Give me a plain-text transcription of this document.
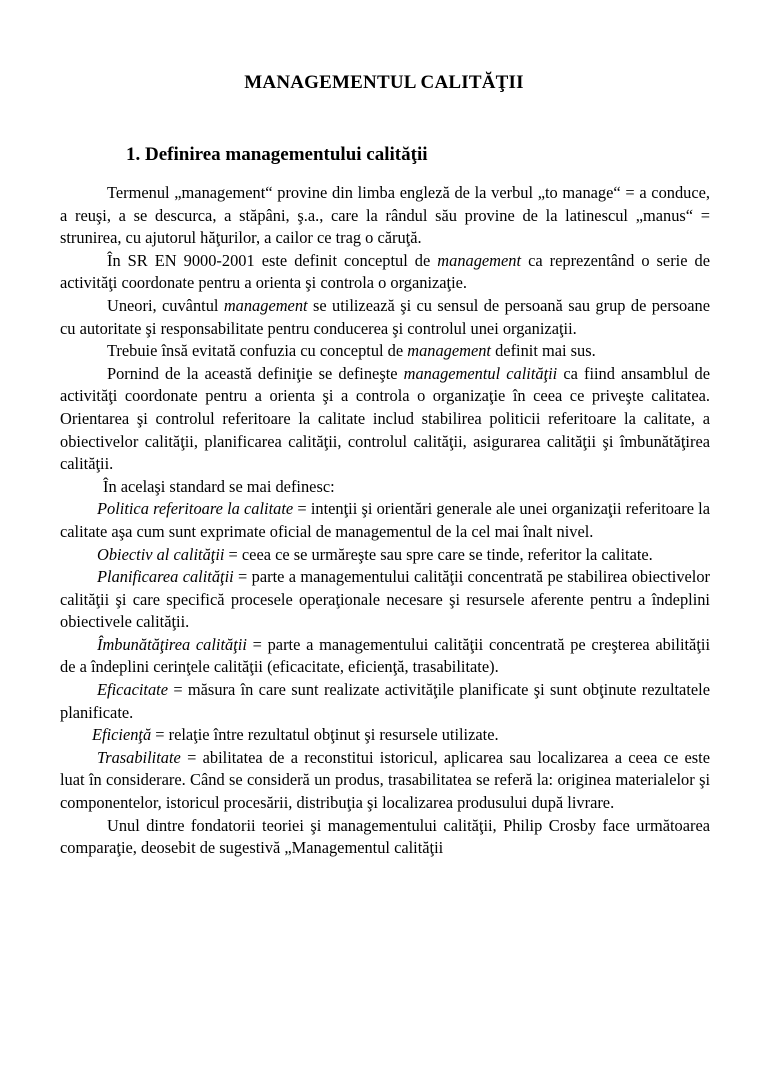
MANAGEMENTUL CALITĂŢII
1. Definirea managementului calităţii

Termenul „management“ provine din limba engleză de la verbul „to manage“ = a conduce, a reuşi, a se descurca, a stăpâni, ş.a., care la rândul său provine de la latinescul „manus“ = strunirea, cu ajutorul hăţurilor, a cailor ce trag o căruţă.

În SR EN 9000-2001 este definit conceptul de management ca reprezentând o serie de activităţi coordonate pentru a orienta şi controla o organizaţie.

Uneori, cuvântul management se utilizează şi cu sensul de persoană sau grup de persoane cu autoritate şi responsabilitate pentru conducerea şi controlul unei organizaţii.

Trebuie însă evitată confuzia cu conceptul de management definit mai sus.

Pornind de la această definiţie se defineşte managementul calităţii ca fiind ansamblul de activităţi coordonate pentru a orienta şi a controla o organizaţie în ceea ce priveşte calitatea. Orientarea şi controlul referitoare la calitate includ stabilirea politicii referitoare la calitate, a obiectivelor calităţii, planificarea calităţii, controlul calităţii, asigurarea calităţii şi îmbunătăţirea calităţii.

În acelaşi standard se mai definesc:

Politica referitoare la calitate = intenţii şi orientări generale ale unei organizaţii referitoare la calitate aşa cum sunt exprimate oficial de managementul de la cel mai înalt nivel.

Obiectiv al calităţii = ceea ce se urmăreşte sau spre care se tinde, referitor la calitate.

Planificarea calităţii = parte a managementului calităţii concentrată pe stabilirea obiectivelor calităţii şi care specifică procesele operaţionale necesare şi resursele aferente pentru a îndeplini obiectivele calităţii.

Îmbunătăţirea calităţii = parte a managementului calităţii concentrată pe creşterea abilităţii de a îndeplini cerinţele calităţii (eficacitate, eficienţă, trasabilitate).

Eficacitate = măsura în care sunt realizate activităţile planificate şi sunt obţinute rezultatele planificate.

Eficienţă = relaţie între rezultatul obţinut şi resursele utilizate.

Trasabilitate = abilitatea de a reconstitui istoricul, aplicarea sau localizarea a ceea ce este luat în considerare. Când se consideră un produs, trasabilitatea se referă la: originea materialelor şi componentelor, istoricul procesării, distribuţia şi localizarea produsului după livrare.

Unul dintre fondatorii teoriei şi managementului calităţii, Philip Crosby face următoarea comparaţie, deosebit de sugestivă „Managementul calităţii
